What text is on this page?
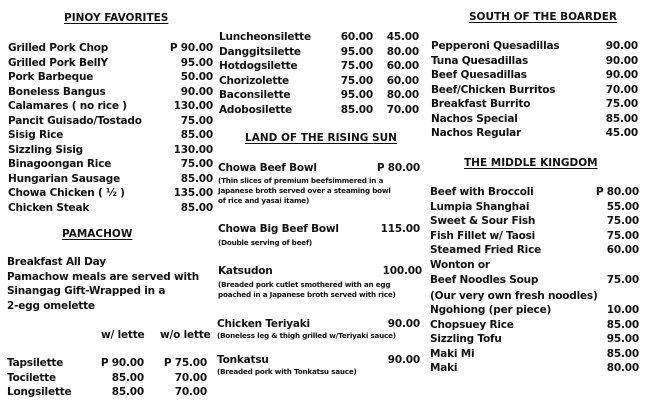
PINOY FAVORITES
Grilled Pork Chop	P 90.00
Grilled Pork BellY	95.00
Pork Barbeque	50.00
Boneless Bangus	90.00
Calamares ( no rice )	130.00
Pancit Guisado/Tostado	75.00
Sisig Rice	85.00
Sizzling Sisig	130.00
Binagoongan Rice	75.00
Hungarian Sausage	85.00
Chowa Chicken ( ½ )	135.00
Chicken Steak	85.00
PAMACHOW
Breakfast All Day
Pamachow meals are served with
Sinangag Gift-Wrapped in a
2-egg omelette
w/ lette w/o lette
Tapsilette	P 90.00 P 75.00
Tocilette	85.00	70.00
Longsilette	85.00	70.00
Luncheonsilette	60.00 45.00
Danggitsilette	95.00 80.00
Hotdogsilette	75.00 60.00
Chorizolette	75.00 60.00
Baconsilette	95.00 80.00
Adobosilette	85.00 70.00
LAND OF THE RISING SUN
Chowa Beef Bowl	P 80.00
(Thin slices of premium beefsimmered in a
Japanese broth served over a steaming bowl
of rice and yasai itame)
Chowa Big Beef Bowl	115.00
(Double serving of beef)
Katsudon	100.00
(Breaded pork cutlet smothered with an egg
poached in a Japanese broth served with rice)
Chicken Teriyaki	90.00
(Boneless leg & thigh grilled w/Teriyaki sauce)
Tonkatsu	90.00
(Breaded pork with Tonkatsu sauce)
SOUTH OF THE BOARDER
Pepperoni Quesadillas	90.00
Tuna Quesadillas	90.00
Beef Quesadillas	90.00
Beef/Chicken Burritos	70.00
Breakfast Burrito	75.00
Nachos Special	85.00
Nachos Regular	45.00
THE MIDDLE KINGDOM
Beef with Broccoli	P 80.00
Lumpia Shanghai	55.00
Sweet & Sour Fish	75.00
Fish Fillet w/ Taosi	75.00
Steamed Fried Rice	60.00
Wonton or
Beef Noodles Soup	75.00
(Our very own fresh noodles)
Ngohiong (per piece)	10.00
Chopsuey Rice	85.00
Sizzling Tofu	95.00
Maki Mi	85.00
Maki	80.00
